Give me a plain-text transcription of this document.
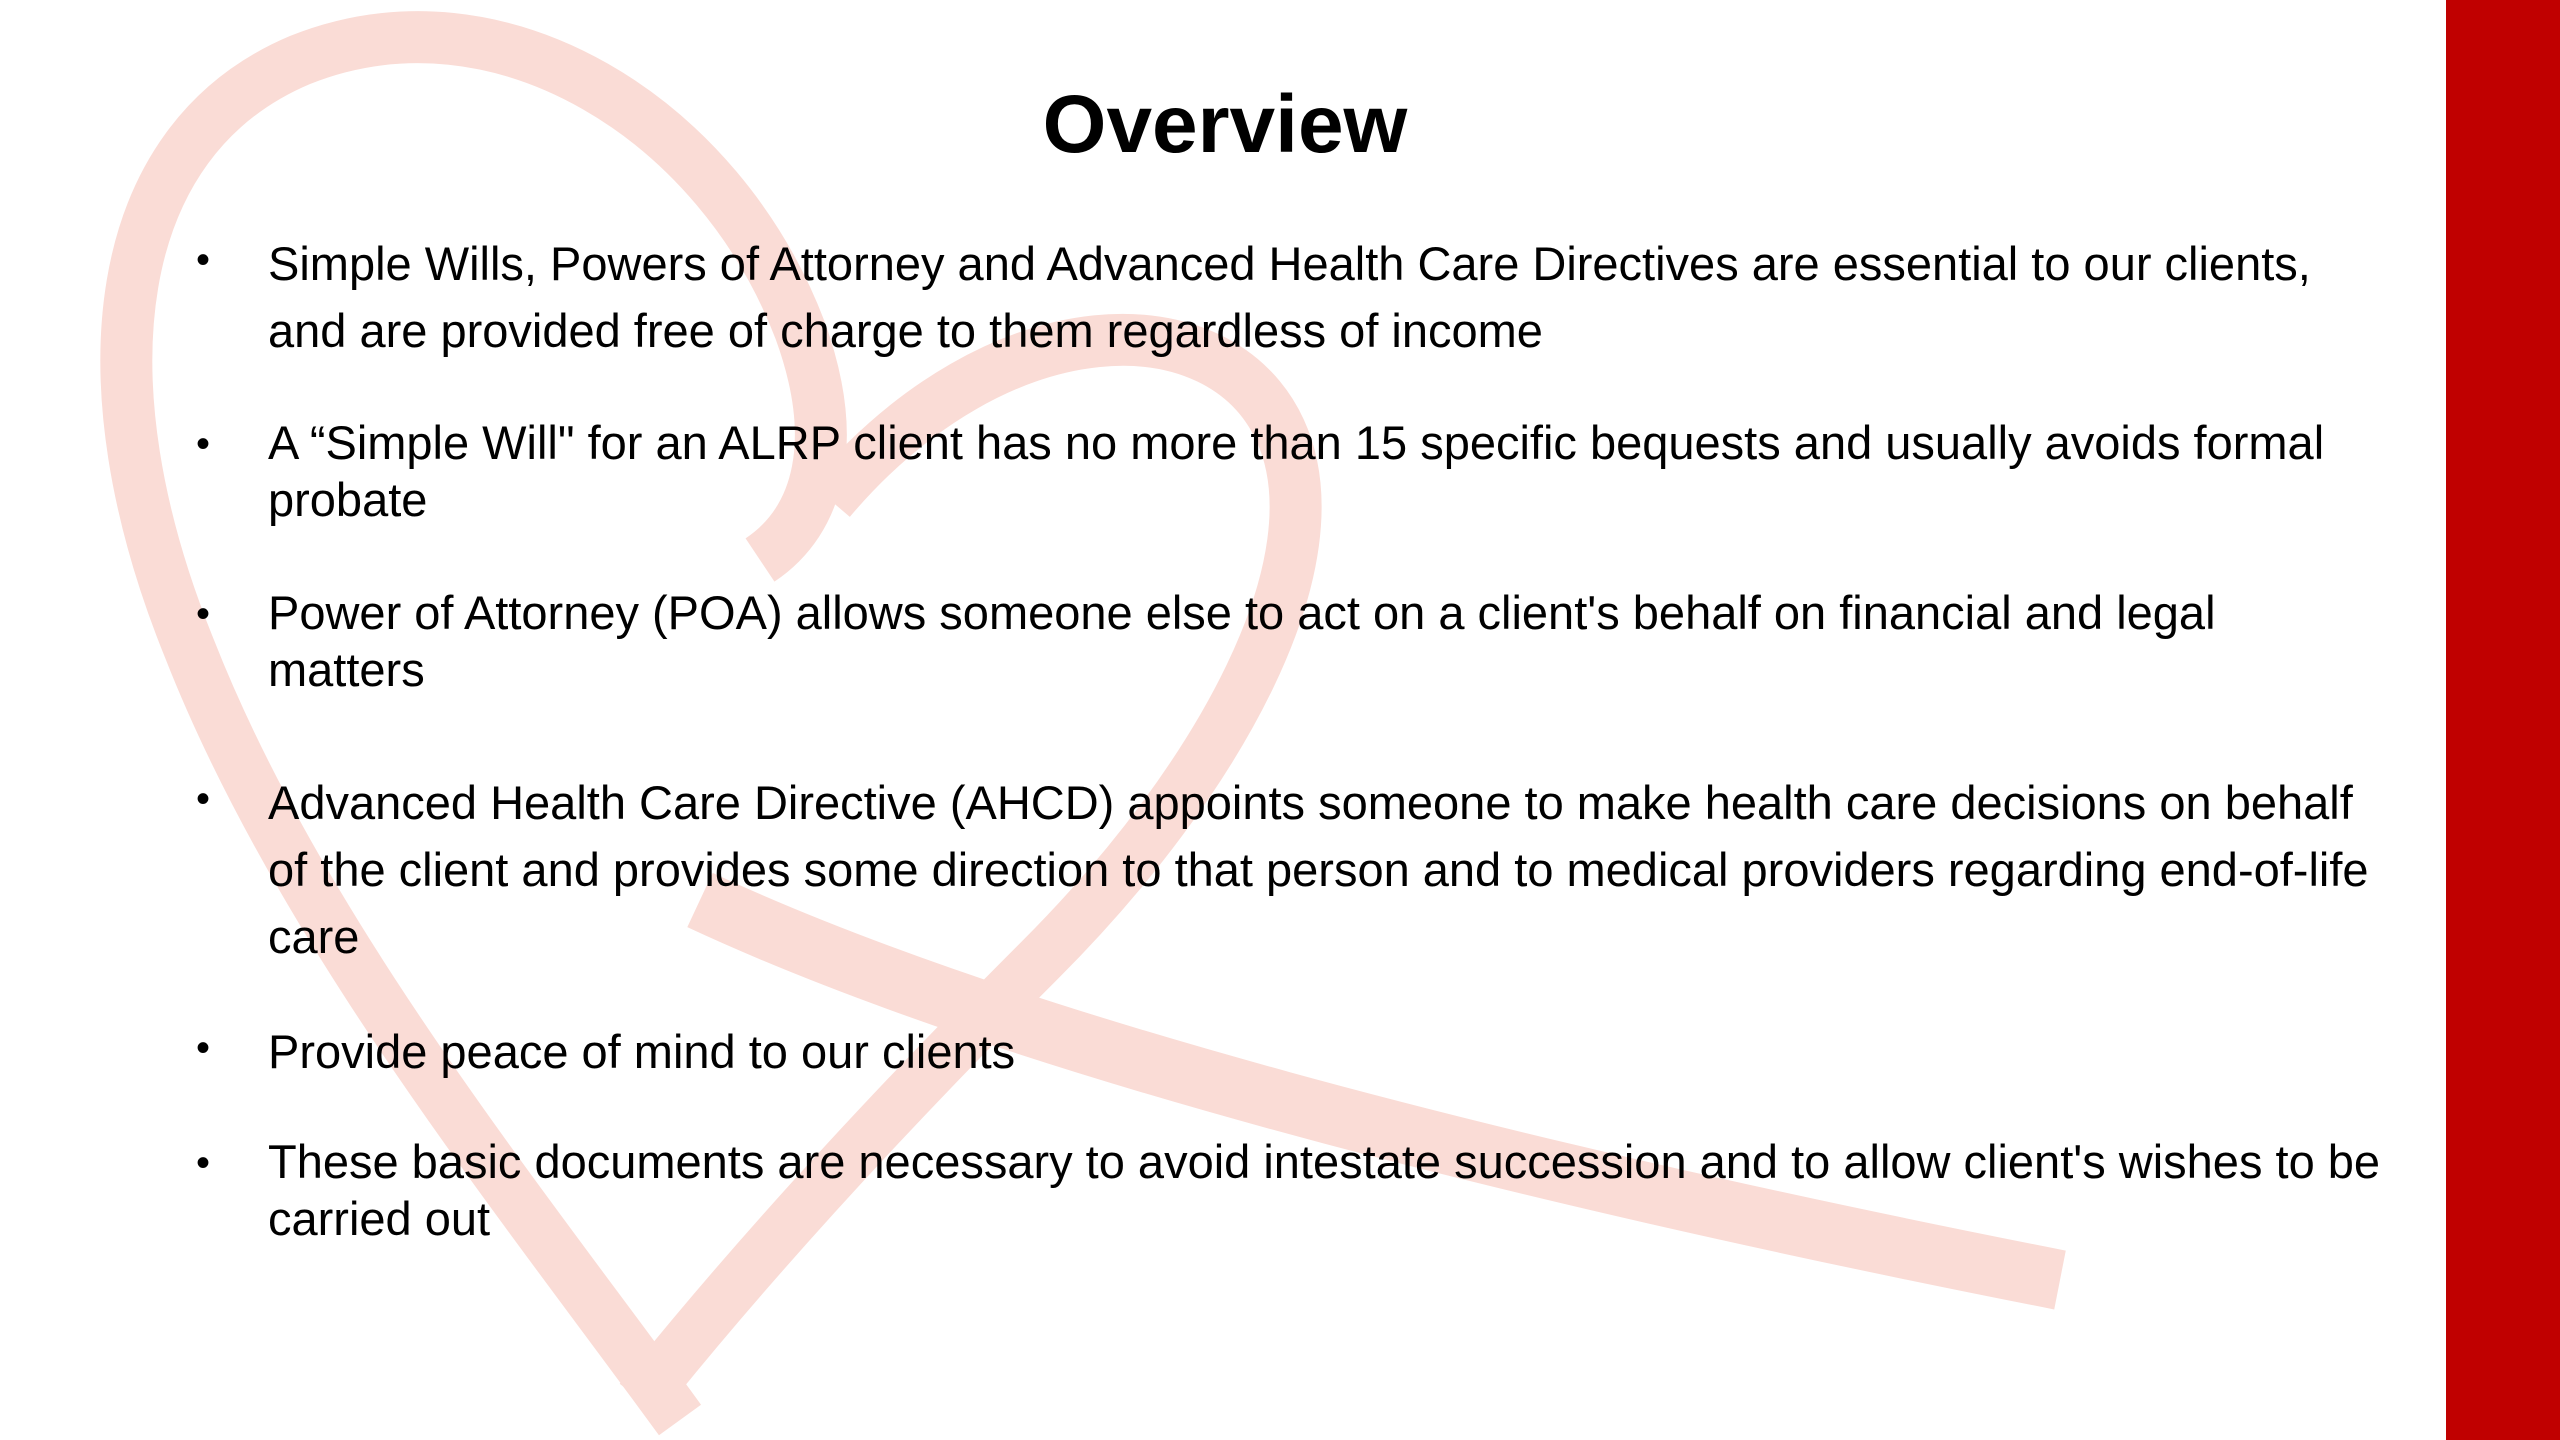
Overview
• Simple Wills, Powers of Attorney and Advanced Health Care Directives are essential to our clients, and are provided free of charge to them regardless of income
• A “Simple Will" for an ALRP client has no more than 15 specific bequests and usually avoids formal probate
• Power of Attorney (POA) allows someone else to act on a client's behalf on financial and legal matters
• Advanced Health Care Directive (AHCD) appoints someone to make health care decisions on behalf of the client and provides some direction to that person and to medical providers regarding end-of-life care
• Provide peace of mind to our clients
• These basic documents are necessary to avoid intestate succession and to allow client's wishes to be carried out
